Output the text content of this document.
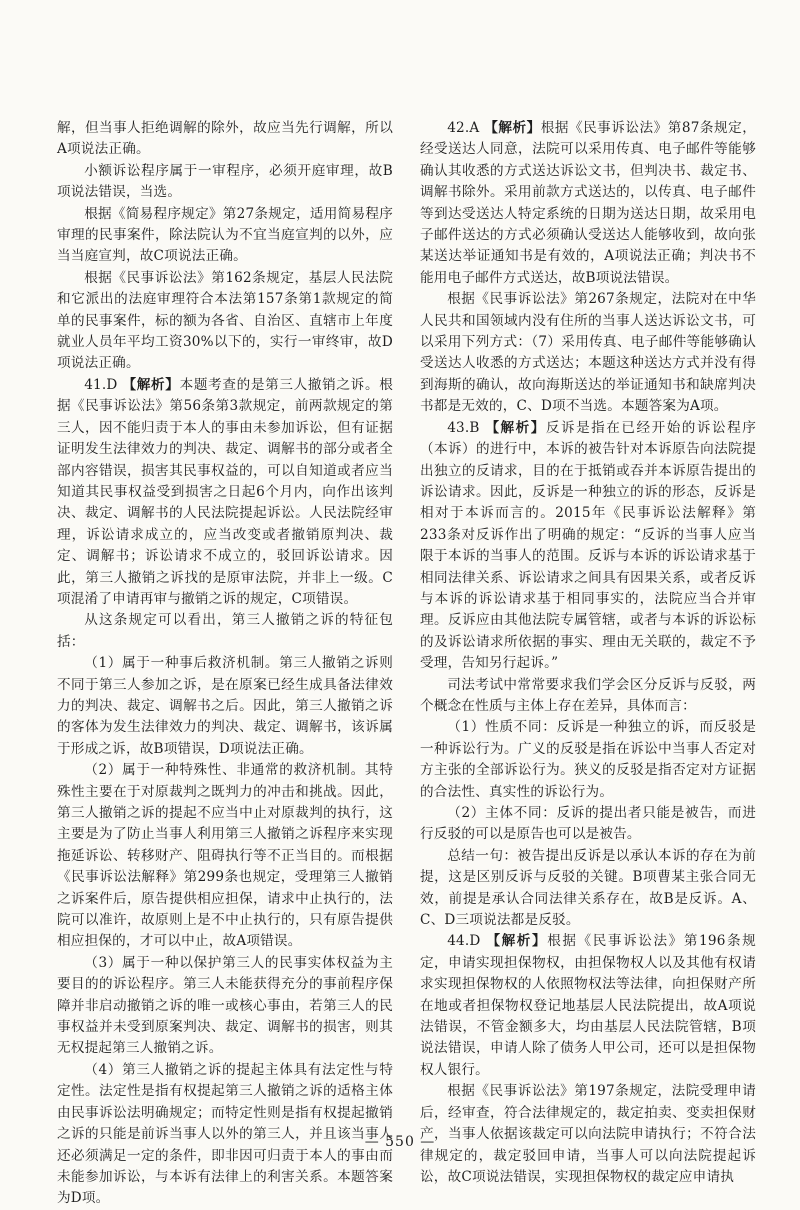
解，但当事人拒绝调解的除外，故应当先行调解，所以A项说法正确。

小额诉讼程序属于一审程序，必须开庭审理，故B项说法错误，当选。

根据《简易程序规定》第27条规定，适用简易程序审理的民事案件，除法院认为不宜当庭宣判的以外，应当当庭宣判，故C项说法正确。

根据《民事诉讼法》第162条规定，基层人民法院和它派出的法庭审理符合本法第157条第1款规定的简单的民事案件，标的额为各省、自治区、直辖市上年度就业人员年平均工资30%以下的，实行一审终审，故D项说法正确。

41.D 【解析】本题考查的是第三人撤销之诉。根据《民事诉讼法》第56条第3款规定，前两款规定的第三人，因不能归责于本人的事由未参加诉讼，但有证据证明发生法律效力的判决、裁定、调解书的部分或者全部内容错误，损害其民事权益的，可以自知道或者应当知道其民事权益受到损害之日起6个月内，向作出该判决、裁定、调解书的人民法院提起诉讼。人民法院经审理，诉讼请求成立的，应当改变或者撤销原判决、裁定、调解书；诉讼请求不成立的，驳回诉讼请求。因此，第三人撤销之诉找的是原审法院，并非上一级。C项混淆了申请再审与撤销之诉的规定，C项错误。

从这条规定可以看出，第三人撤销之诉的特征包括：

（1）属于一种事后救济机制。第三人撤销之诉则不同于第三人参加之诉，是在原案已经生成具备法律效力的判决、裁定、调解书之后。因此，第三人撤销之诉的客体为发生法律效力的判决、裁定、调解书，该诉属于形成之诉，故B项错误，D项说法正确。

（2）属于一种特殊性、非通常的救济机制。其特殊性主要在于对原裁判之既判力的冲击和挑战。因此，第三人撤销之诉的提起不应当中止对原裁判的执行，这主要是为了防止当事人利用第三人撤销之诉程序来实现拖延诉讼、转移财产、阻碍执行等不正当目的。而根据《民事诉讼法解释》第299条也规定，受理第三人撤销之诉案件后，原告提供相应担保，请求中止执行的，法院可以准许，故原则上是不中止执行的，只有原告提供相应担保的，才可以中止，故A项错误。

（3）属于一种以保护第三人的民事实体权益为主要目的的诉讼程序。第三人未能获得充分的事前程序保障并非启动撤销之诉的唯一或核心事由，若第三人的民事权益并未受到原案判决、裁定、调解书的损害，则其无权提起第三人撤销之诉。

（4）第三人撤销之诉的提起主体具有法定性与特定性。法定性是指有权提起第三人撤销之诉的适格主体由民事诉讼法明确规定；而特定性则是指有权提起撤销之诉的只能是前诉当事人以外的第三人，并且该当事人还必须满足一定的条件，即非因可归责于本人的事由而未能参加诉讼，与本诉有法律上的利害关系。本题答案为D项。

42.A 【解析】根据《民事诉讼法》第87条规定，经受送达人同意，法院可以采用传真、电子邮件等能够确认其收悉的方式送达诉讼文书，但判决书、裁定书、调解书除外。采用前款方式送达的，以传真、电子邮件等到达受送达人特定系统的日期为送达日期，故采用电子邮件送达的方式必须确认受送达人能够收到，故向张某送达举证通知书是有效的，A项说法正确；判决书不能用电子邮件方式送达，故B项说法错误。

根据《民事诉讼法》第267条规定，法院对在中华人民共和国领域内没有住所的当事人送达诉讼文书，可以采用下列方式：（7）采用传真、电子邮件等能够确认受送达人收悉的方式送达；本题这种送达方式并没有得到海斯的确认，故向海斯送达的举证通知书和缺席判决书都是无效的，C、D项不当选。本题答案为A项。

43.B 【解析】反诉是指在已经开始的诉讼程序（本诉）的进行中，本诉的被告针对本诉原告向法院提出独立的反请求，目的在于抵销或吞并本诉原告提出的诉讼请求。因此，反诉是一种独立的诉的形态，反诉是相对于本诉而言的。2015年《民事诉讼法解释》第233条对反诉作出了明确的规定：“反诉的当事人应当限于本诉的当事人的范围。反诉与本诉的诉讼请求基于相同法律关系、诉讼请求之间具有因果关系，或者反诉与本诉的诉讼请求基于相同事实的，法院应当合并审理。反诉应由其他法院专属管辖，或者与本诉的诉讼标的及诉讼请求所依据的事实、理由无关联的，裁定不予受理，告知另行起诉。”

司法考试中常常要求我们学会区分反诉与反驳，两个概念在性质与主体上存在差异，具体而言：

（1）性质不同：反诉是一种独立的诉，而反驳是一种诉讼行为。广义的反驳是指在诉讼中当事人否定对方主张的全部诉讼行为。狭义的反驳是指否定对方证据的合法性、真实性的诉讼行为。

（2）主体不同：反诉的提出者只能是被告，而进行反驳的可以是原告也可以是被告。

总结一句：被告提出反诉是以承认本诉的存在为前提，这是区别反诉与反驳的关键。B项曹某主张合同无效，前提是承认合同法律关系存在，故B是反诉。A、C、D三项说法都是反驳。

44.D 【解析】根据《民事诉讼法》第196条规定，申请实现担保物权，由担保物权人以及其他有权请求实现担保物权的人依照物权法等法律，向担保财产所在地或者担保物权登记地基层人民法院提出，故A项说法错误，不管金额多大，均由基层人民法院管辖，B项说法错误，申请人除了债务人甲公司，还可以是担保物权人银行。

根据《民事诉讼法》第197条规定，法院受理申请后，经审查，符合法律规定的，裁定拍卖、变卖担保财产，当事人依据该裁定可以向法院申请执行；不符合法律规定的，裁定驳回申请，当事人可以向法院提起诉讼，故C项说法错误，实现担保物权的裁定应申请执

— 550 —
